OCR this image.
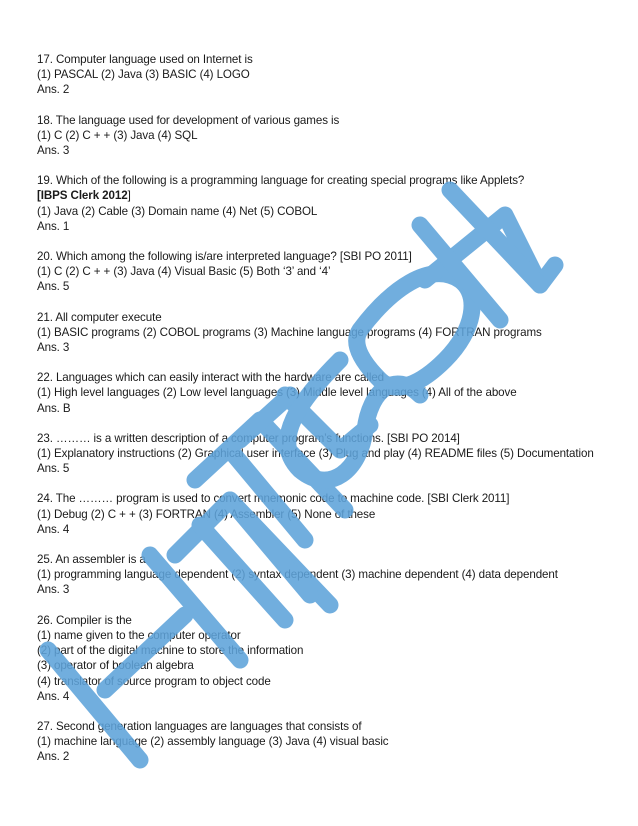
17. Computer language used on Internet is
(1) PASCAL (2) Java (3) BASIC (4) LOGO
Ans. 2
18. The language used for development of various games is
(1) C (2) C + + (3) Java (4) SQL
Ans. 3
19. Which of the following is a programming language for creating special programs like Applets?
[IBPS Clerk 2012]
(1) Java (2) Cable (3) Domain name (4) Net (5) COBOL
Ans. 1
20. Which among the following is/are interpreted language? [SBI PO 2011]
(1) C (2) C + + (3) Java (4) Visual Basic (5) Both ‘3’ and ‘4’
Ans. 5
21. All computer execute
(1) BASIC programs (2) COBOL programs (3) Machine language programs (4) FORTRAN programs
Ans. 3
22. Languages which can easily interact with the hardware are called
(1) High level languages (2) Low level languages (3) Middle level languages (4) All of the above
Ans. B
23. ……… is a written description of a computer program’s functions. [SBI PO 2014]
(1) Explanatory instructions (2) Graphical user interface (3) Plug and play (4) README files (5) Documentation
Ans. 5
24. The ……… program is used to convert mnemonic code to machine code. [SBI Clerk 2011]
(1) Debug (2) C + + (3) FORTRAN (4) Assembler (5) None of these
Ans. 4
25. An assembler is a
(1) programming language dependent (2) syntax dependent (3) machine dependent (4) data dependent
Ans. 3
26. Compiler is the
(1) name given to the computer operator
(2) part of the digital machine to store the information
(3) operator of boolean algebra
(4) translator of source program to object code
Ans. 4
27. Second generation languages are languages that consists of
(1) machine language (2) assembly language (3) Java (4) visual basic
Ans. 2
